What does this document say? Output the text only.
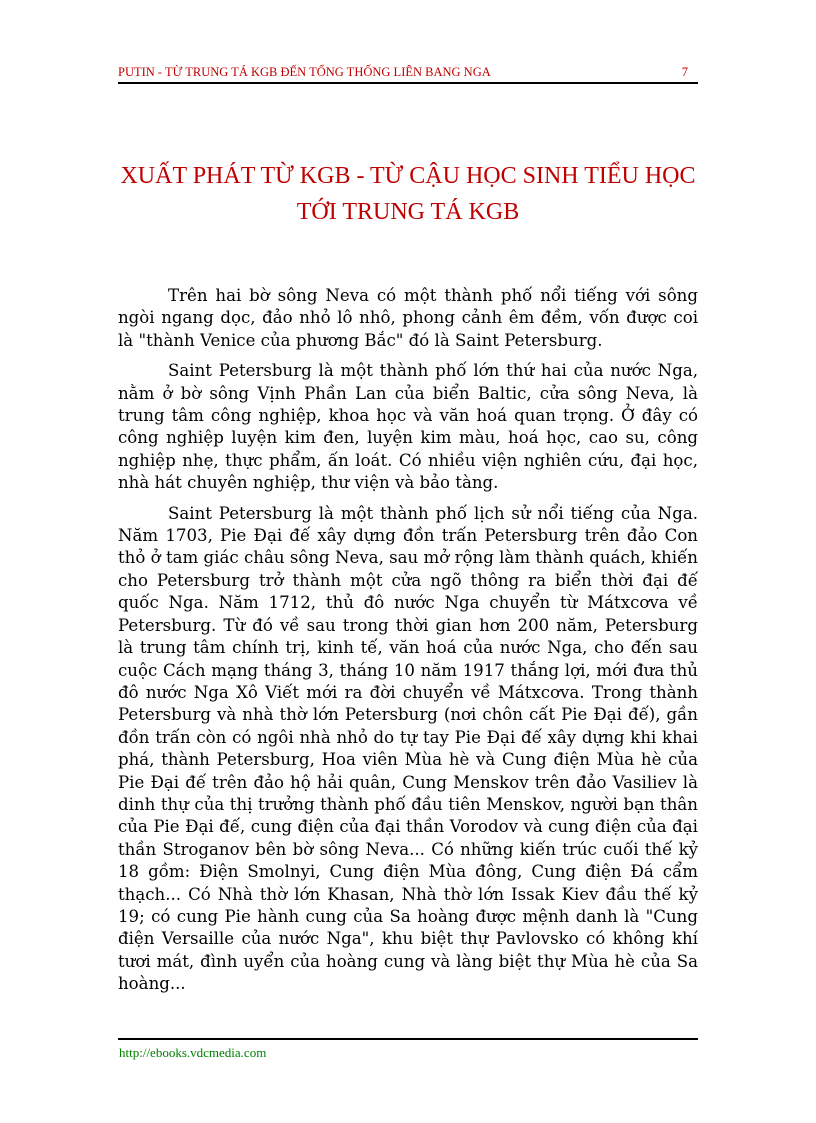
PUTIN - TỪ TRUNG TÁ KGB ĐẾN TỔNG THỐNG LIÊN BANG NGA	7
XUẤT PHÁT TỪ KGB - TỪ CẬU HỌC SINH TIỂU HỌC
TỚI TRUNG TÁ KGB

Trên hai bờ sông Neva có một thành phố nổi tiếng với sông ngòi ngang dọc, đảo nhỏ lô nhô, phong cảnh êm đềm, vốn được coi là "thành Venice của phương Bắc" đó là Saint Petersburg.

Saint Petersburg là một thành phố lớn thứ hai của nước Nga, nằm ở bờ sông Vịnh Phần Lan của biển Baltic, cửa sông Neva, là trung tâm công nghiệp, khoa học và văn hoá quan trọng. Ở đây có công nghiệp luyện kim đen, luyện kim màu, hoá học, cao su, công nghiệp nhẹ, thực phẩm, ấn loát. Có nhiều viện nghiên cứu, đại học, nhà hát chuyên nghiệp, thư viện và bảo tàng.

Saint Petersburg là một thành phố lịch sử nổi tiếng của Nga. Năm 1703, Pie Đại đế xây dựng đồn trấn Petersburg trên đảo Con thỏ ở tam giác châu sông Neva, sau mở rộng làm thành quách, khiến cho Petersburg trở thành một cửa ngõ thông ra biển thời đại đế quốc Nga. Năm 1712, thủ đô nước Nga chuyển từ Mátxcơva về Petersburg. Từ đó về sau trong thời gian hơn 200 năm, Petersburg là trung tâm chính trị, kinh tế, văn hoá của nước Nga, cho đến sau cuộc Cách mạng tháng 3, tháng 10 năm 1917 thắng lợi, mới đưa thủ đô nước Nga Xô Viết mới ra đời chuyển về Mátxcơva. Trong thành Petersburg và nhà thờ lớn Petersburg (nơi chôn cất Pie Đại đế), gần đồn trấn còn có ngôi nhà nhỏ do tự tay Pie Đại đế xây dựng khi khai phá, thành Petersburg, Hoa viên Mùa hè và Cung điện Mùa hè của Pie Đại đế trên đảo hộ hải quân, Cung Menskov trên đảo Vasiliev là dinh thự của thị trưởng thành phố đầu tiên Menskov, người bạn thân của Pie Đại đế, cung điện của đại thần Vorodov và cung điện của đại thần Stroganov bên bờ sông Neva... Có những kiến trúc cuối thế kỷ 18 gồm: Điện Smolnyi, Cung điện Mùa đông, Cung điện Đá cẩm thạch... Có Nhà thờ lớn Khasan, Nhà thờ lớn Issak Kiev đầu thế kỷ 19; có cung Pie hành cung của Sa hoàng được mệnh danh là "Cung điện Versaille của nước Nga", khu biệt thự Pavlovsko có không khí tươi mát, đình uyển của hoàng cung và làng biệt thự Mùa hè của Sa hoàng...

http://ebooks.vdcmedia.com
